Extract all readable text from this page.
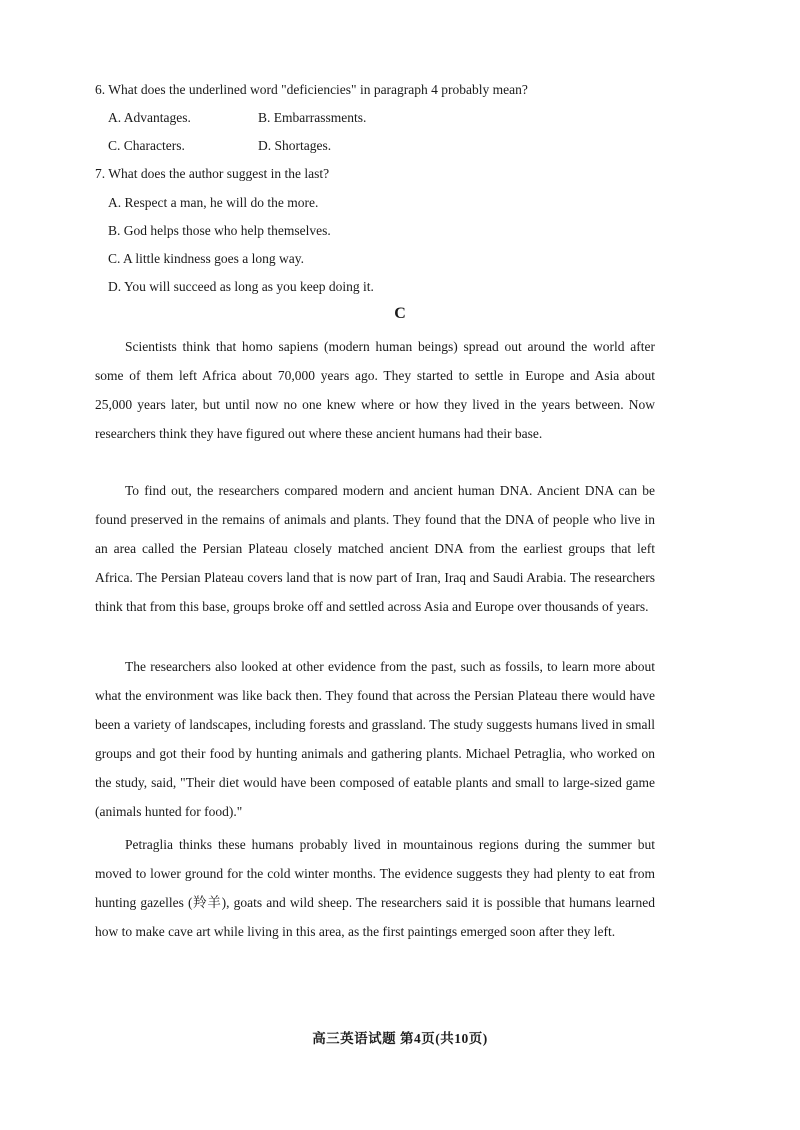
6. What does the underlined word "deficiencies" in paragraph 4 probably mean?
A. Advantages.	B. Embarrassments.
C. Characters.	D. Shortages.
7. What does the author suggest in the last?
A. Respect a man, he will do the more.
B. God helps those who help themselves.
C. A little kindness goes a long way.
D. You will succeed as long as you keep doing it.
C

Scientists think that homo sapiens (modern human beings) spread out around the world after some of them left Africa about 70,000 years ago. They started to settle in Europe and Asia about 25,000 years later, but until now no one knew where or how they lived in the years between. Now researchers think they have figured out where these ancient humans had their base.

To find out, the researchers compared modern and ancient human DNA. Ancient DNA can be found preserved in the remains of animals and plants. They found that the DNA of people who live in an area called the Persian Plateau closely matched ancient DNA from the earliest groups that left Africa. The Persian Plateau covers land that is now part of Iran, Iraq and Saudi Arabia. The researchers think that from this base, groups broke off and settled across Asia and Europe over thousands of years.

The researchers also looked at other evidence from the past, such as fossils, to learn more about what the environment was like back then. They found that across the Persian Plateau there would have been a variety of landscapes, including forests and grassland. The study suggests humans lived in small groups and got their food by hunting animals and gathering plants. Michael Petraglia, who worked on the study, said, "Their diet would have been composed of eatable plants and small to large-sized game (animals hunted for food)."

Petraglia thinks these humans probably lived in mountainous regions during the summer but moved to lower ground for the cold winter months. The evidence suggests they had plenty to eat from hunting gazelles (羚羊), goats and wild sheep. The researchers said it is possible that humans learned how to make cave art while living in this area, as the first paintings emerged soon after they left.

高三英语试题 第4页(共10页)
